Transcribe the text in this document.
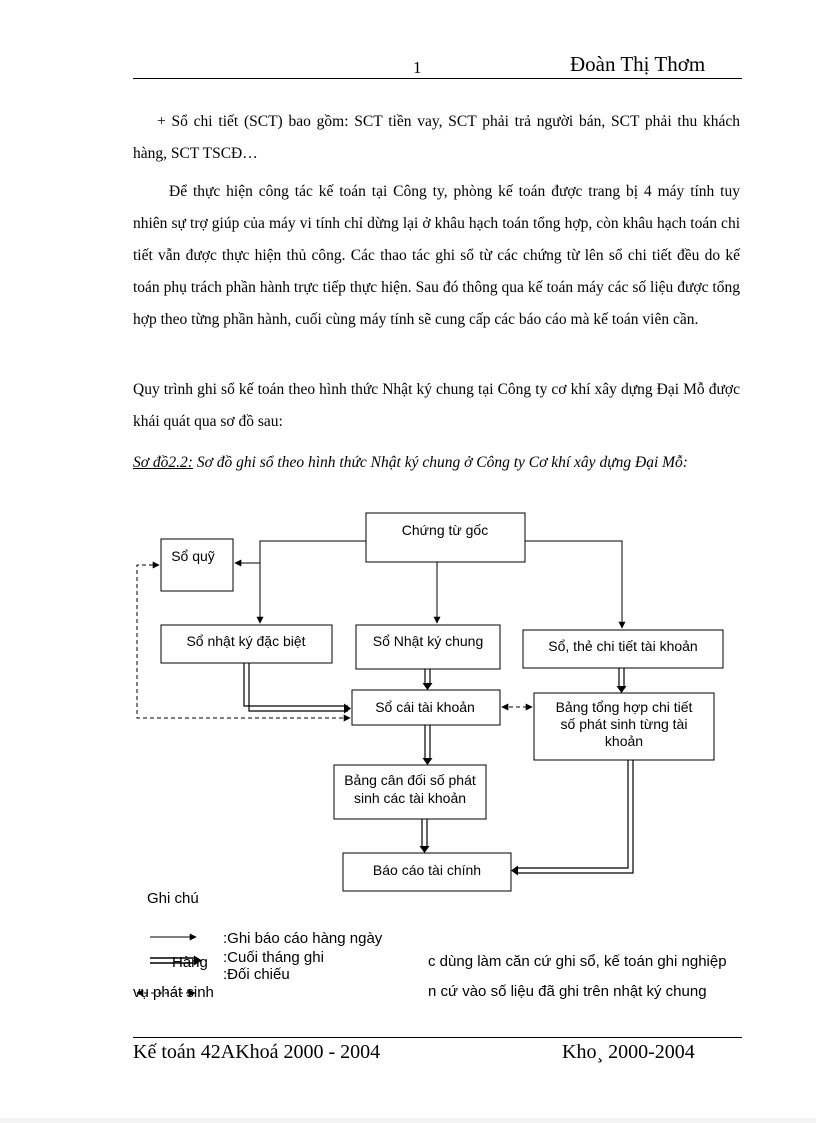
1	Đoàn Thị Thơm
+ Sổ chi tiết (SCT) bao gồm: SCT tiền vay, SCT phải trả người bán, SCT phải thu khách hàng, SCT TSCĐ…
Để thực hiện công tác kế toán tại Công ty, phòng kế toán được trang bị 4 máy tính tuy nhiên sự trợ giúp của máy vi tính chỉ dừng lại ở khâu hạch toán tổng hợp, còn khâu hạch toán chi tiết vẫn được thực hiện thủ công. Các thao tác ghi sổ từ các chứng từ lên sổ chi tiết đều do kế toán phụ trách phần hành trực tiếp thực hiện. Sau đó thông qua kế toán máy các số liệu được tổng hợp theo từng phần hành, cuối cùng máy tính sẽ cung cấp các báo cáo mà kế toán viên cần.
Quy trình ghi sổ kế toán theo hình thức Nhật ký chung tại Công ty cơ khí xây dựng Đại Mỗ được khái quát qua sơ đồ sau:
Sơ đồ2.2: Sơ đồ ghi sổ theo hình thức Nhật ký chung ở Công ty Cơ khí xây dựng Đại Mỗ:
Chứng từ gốc
Sổ quỹ
Sổ nhật ký đặc biệt	Sổ Nhật ký chung	Sổ, thẻ chi tiết tài khoản
Sổ cái tài khoản	Bảng tổng hợp chi tiết
số phát sinh từng tài
khoản
Bảng cân đối số phát
sinh các tài khoản
Báo cáo tài chính
Ghi chú
:Ghi báo cáo hàng ngày
:Cuối tháng ghi
:Đối chiếu
Hàng
vụ phát sinh
c dùng làm căn cứ ghi sổ, kế toán ghi nghiệp
n cứ vào số liệu đã ghi trên nhật ký chung
Kế toán 42AKhoá 2000 - 2004	Kho¸ 2000-2004
